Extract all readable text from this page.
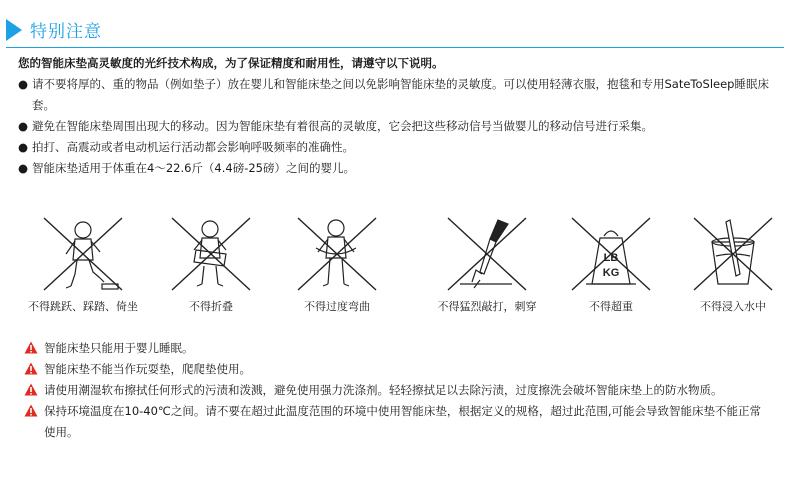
特别注意
您的智能床垫高灵敏度的光纤技术构成，为了保证精度和耐用性，请遵守以下说明。
● 请不要将厚的、重的物品（例如垫子）放在婴儿和智能床垫之间以免影响智能床垫的灵敏度。可以使用轻薄衣服，抱毯和专用SateToSleep睡眠床套。
● 避免在智能床垫周围出现大的移动。因为智能床垫有着很高的灵敏度，它会把这些移动信号当做婴儿的移动信号进行采集。
● 拍打、高震动或者电动机运行活动都会影响呼吸频率的准确性。
● 智能床垫适用于体重在4～22.6斤（4.4磅-25磅）之间的婴儿。
不得跳跃、踩踏、倚坐	不得折叠	不得过度弯曲	不得猛烈敲打，刺穿
LB
KG
不得超重	不得浸入水中
智能床垫只能用于婴儿睡眠。
智能床垫不能当作玩耍垫，爬爬垫使用。
请使用潮湿软布擦拭任何形式的污渍和泼溅，避免使用强力洗涤剂。轻轻擦拭足以去除污渍，过度擦洗会破坏智能床垫上的防水物质。
保持环境温度在10-40℃之间。请不要在超过此温度范围的环境中使用智能床垫，根据定义的规格，超过此范围,可能会导致智能床垫不能正常使用。
